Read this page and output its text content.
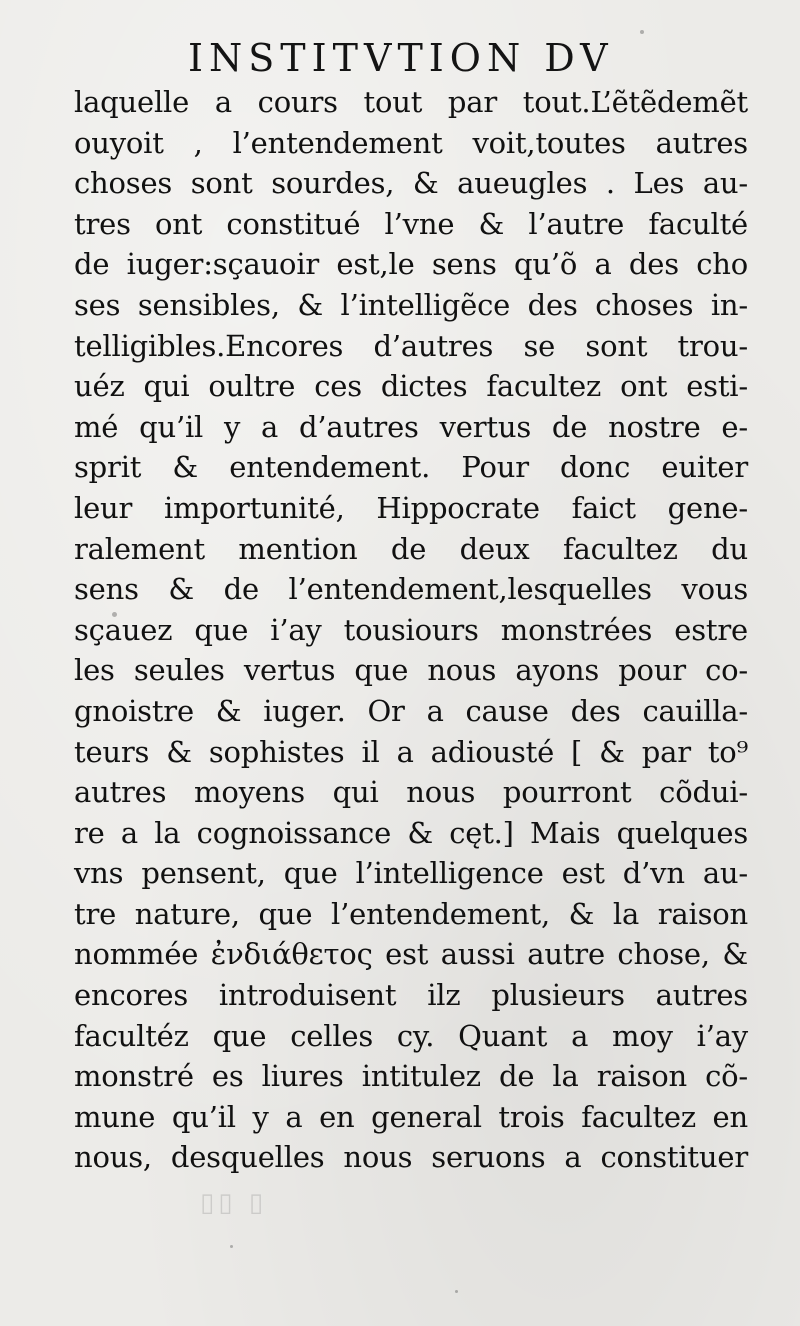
INSTITVTION DV
laquelle a cours tout par tout.L’ẽtẽdemẽt
ouyoit , l’entendement voit,toutes autres
choses sont sourdes, & aueugles . Les au-
tres ont constitué l’vne & l’autre faculté
de iuger:sçauoir est,le sens qu’õ a des cho
ses sensibles, & l’intelligẽce des choses in-
telligibles.Encores d’autres se sont trou-
uéz qui oultre ces dictes facultez ont esti-
mé qu’il y a d’autres vertus de nostre e-
sprit & entendement. Pour donc euiter
leur importunité, Hippocrate faict gene-
ralement mention de deux facultez du
sens & de l’entendement,lesquelles vous
sçauez que i’ay tousiours monstrées estre
les seules vertus que nous ayons pour co-
gnoistre & iuger. Or a cause des cauilla-
teurs & sophistes il a adiousté [ & par to⁹
autres moyens qui nous pourront cõdui-
re a la cognoissance & cęt.] Mais quelques
vns pensent, que l’intelligence est d’vn au-
tre nature, que l’entendement, & la raison
nommée ἐνδιάθετος est aussi autre chose, &
encores introduisent ilz plusieurs autres
facultéz que celles cy. Quant a moy i’ay
monstré es liures intitulez de la raison cõ-
mune qu’il y a en general trois facultez en
nous, desquelles nous seruons a constituer
▯▯ ▯
